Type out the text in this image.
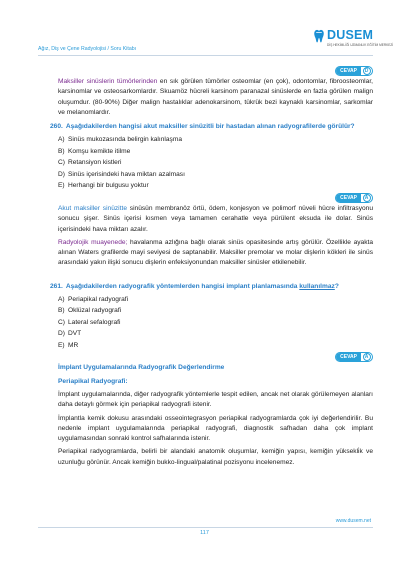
Ağız, Diş ve Çene Radyolojisi / Soru Kitabı
DUSEM
DİŞ HEKİMLİĞİ UZMANLIK EĞİTİM MERKEZİ
CEVAP	D

Maksiller sinüslerin tümörlerinden en sık görülen tümörler osteomlar (en çok), odontomlar, fibroosteomlar, karsinomlar ve osteosarkomlardır. Skuamöz hücreli karsinom paranazal sinüslerde en fazla görülen malign oluşumdur. (80-90%) Diğer malign hastalıklar adenokarsinom, tükrük bezi kaynaklı karsinomlar, sarkomlar ve melanomlardır.

260. Aşağıdakilerden hangisi akut maksiller sinüzitli bir hastadan alınan radyografilerde görülür?
A) Sinüs mukozasında belirgin kalınlaşma
B) Komşu kemikte itilme
C) Retansiyon kistleri
D) Sinüs içerisindeki hava miktarı azalması
E) Herhangi bir bulgusu yoktur
CEVAP	A

Akut maksiller sinüzitte sinüsün membranöz örtü, ödem, konjesyon ve polimorf nüveli hücre infiltrasyonu sonucu şişer. Sinüs içerisi kısmen veya tamamen cerahatle veya pürülent eksuda ile dolar. Sinüs içerisindeki hava miktarı azalır.

Radyolojik muayenede; havalanma azlığına bağlı olarak sinüs opasitesinde artış görülür. Özellikle ayakta alınan Waters grafilerde mayi seviyesi de saptanabilir. Maksiller premolar ve molar dişlerin kökleri ile sinüs arasındaki yakın ilişki sonucu dişlerin enfeksiyonundan maksiller sinüsler etkilenebilir.

261. Aşağıdakilerden radyografik yöntemlerden hangisi implant planlamasında kullanılmaz?
A) Periapikal radyografi
B) Oklüzal radyografi
C) Lateral sefalografi
D) DVT
E) MR
CEVAP	A
İmplant Uygulamalarında Radyografik Değerlendirme
Periapikal Radyografi:

İmplant uygulamalarında, diğer radyografik yöntemlerle tespit edilen, ancak net olarak görülemeyen alanları daha detaylı görmek için periapikal radyografi istenir.

İmplantla kemik dokusu arasındaki osseointegrasyon periapikal radyogramlarda çok iyi değerlendirilir. Bu nedenle implant uygulamalarında periapikal radyografi, diagnostik safhadan daha çok implant uygulamasından sonraki kontrol safhalarında istenir.

Periapikal radyogramlarda, belirli bir alandaki anatomik oluşumlar, kemiğin yapısı, kemiğin yüksekli̇k ve uzunluğu görünür. Ancak kemiğin bukko-lingual/palatinal pozisyonu incelenemez.

www.dusem.net
117
